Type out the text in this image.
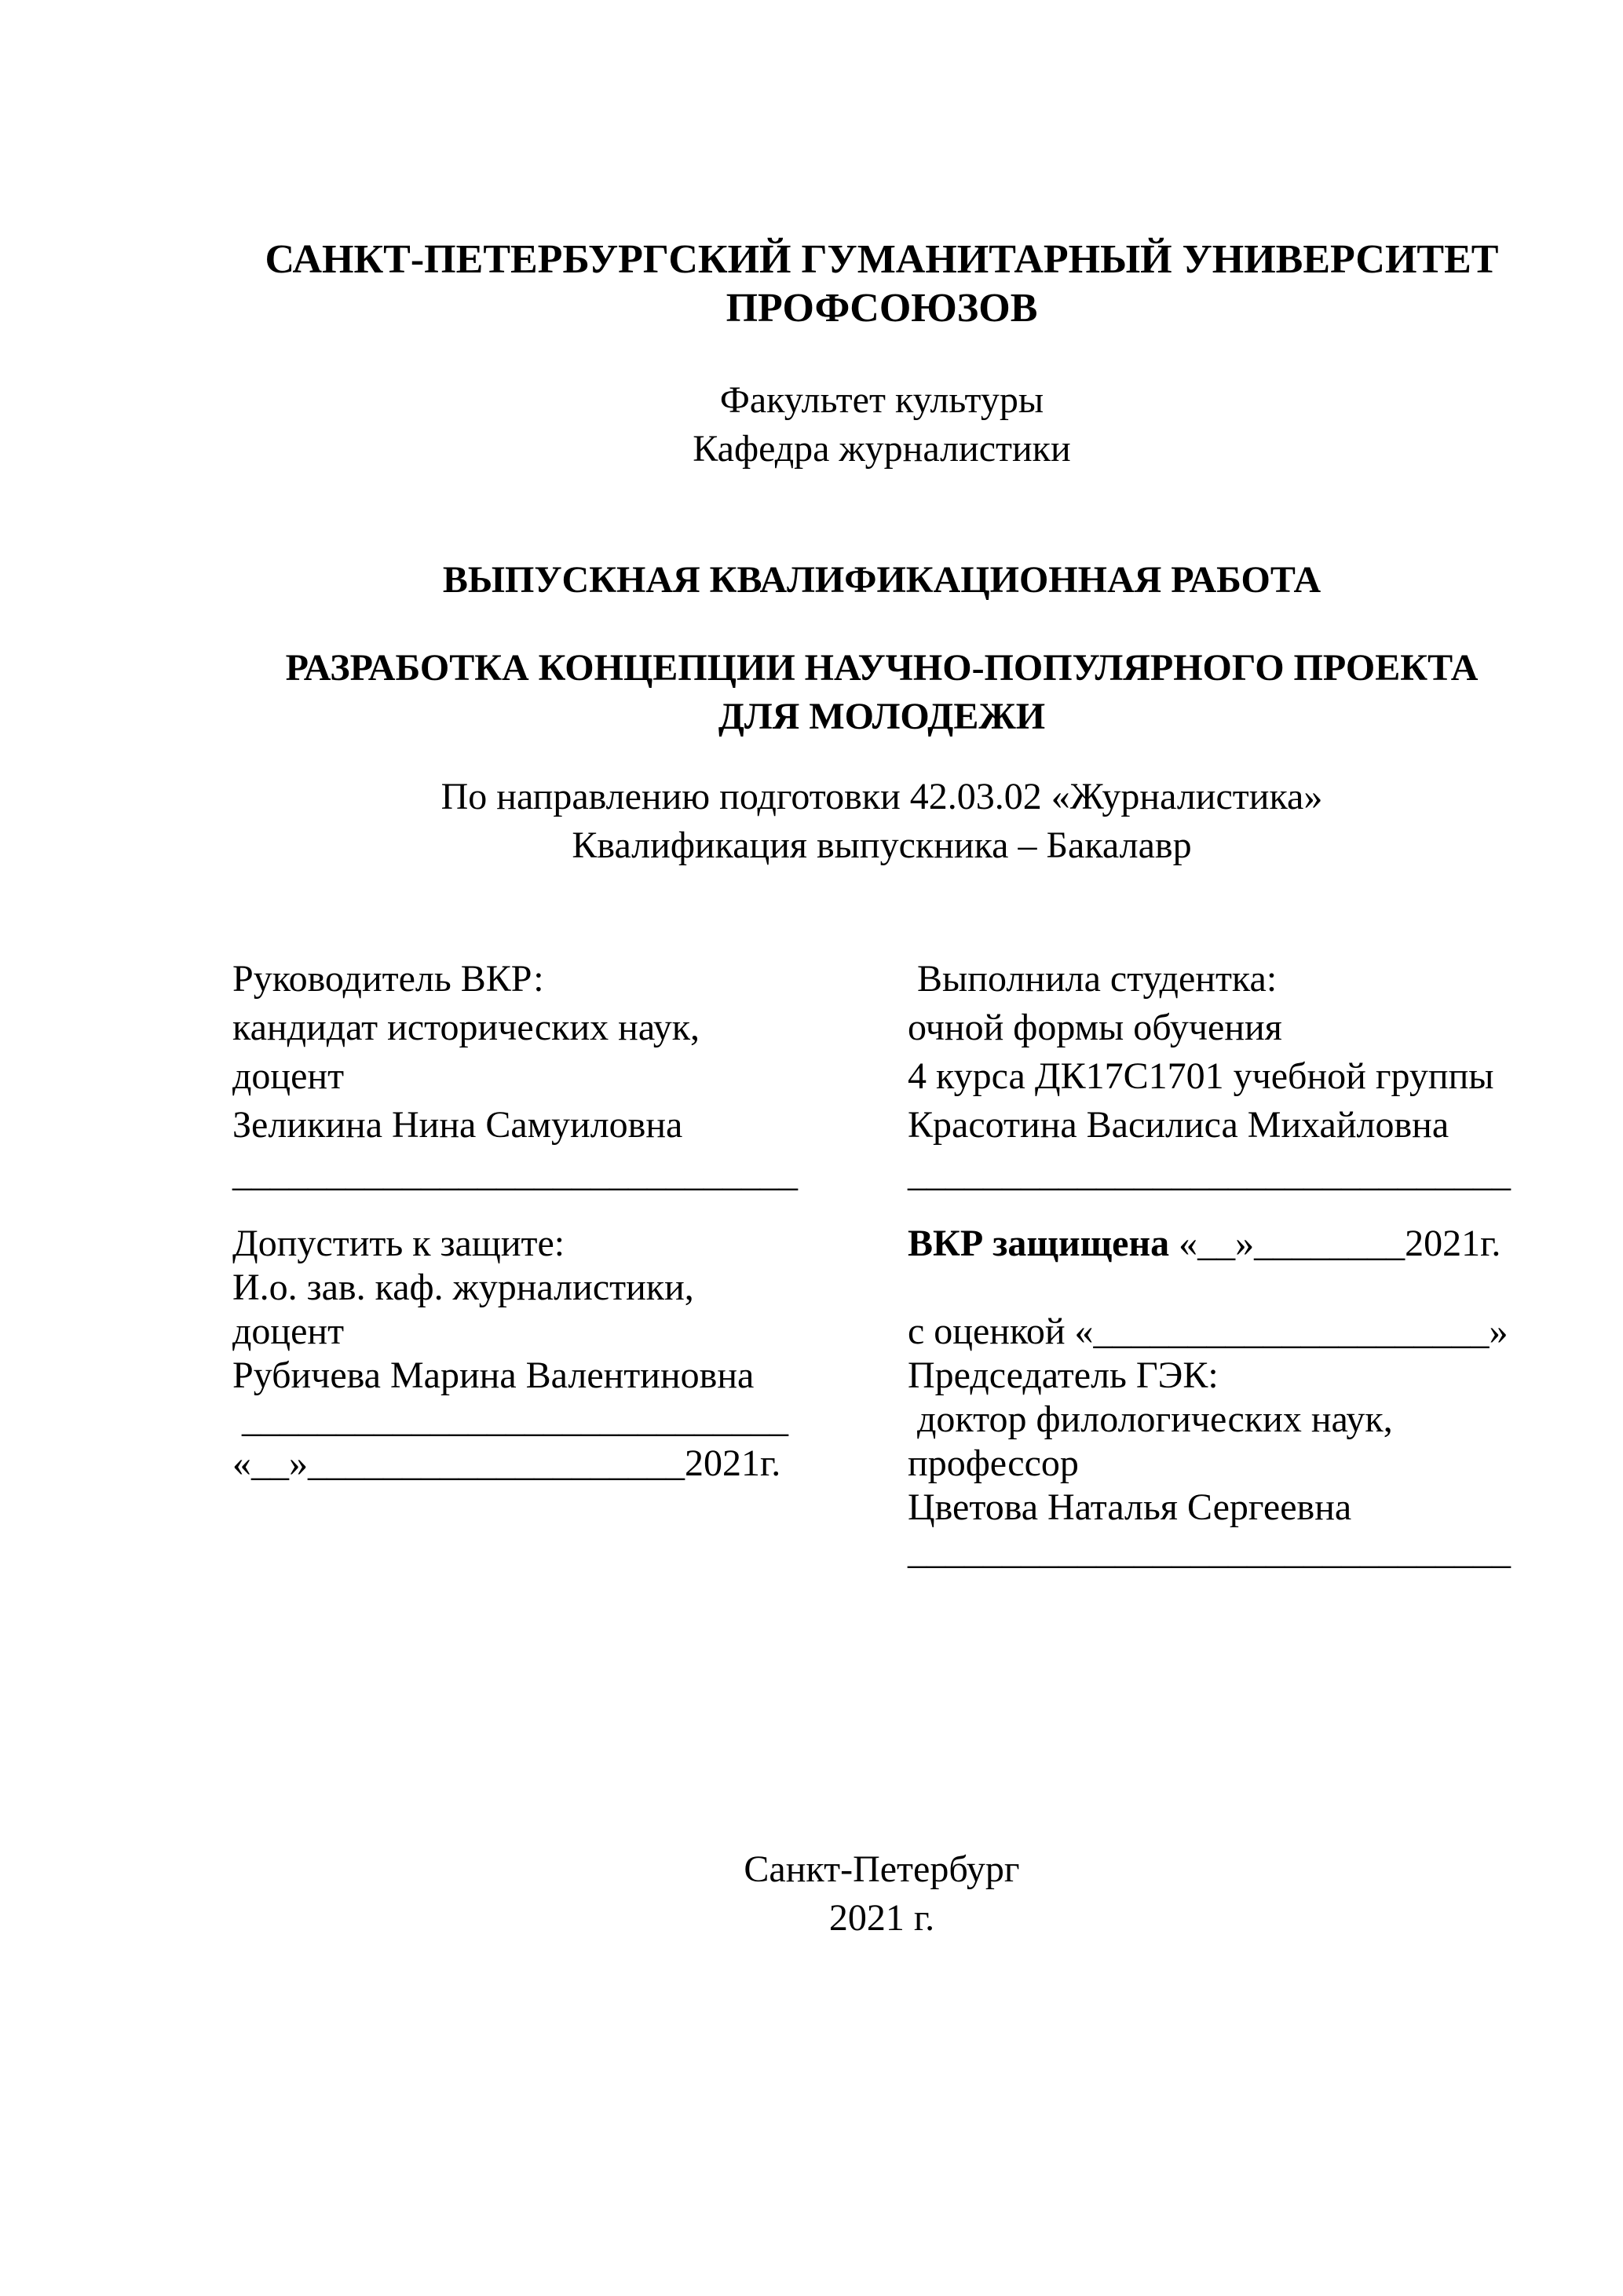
САНКТ-ПЕТЕРБУРГСКИЙ ГУМАНИТАРНЫЙ УНИВЕРСИТЕТ
ПРОФСОЮЗОВ
Факультет культуры
Кафедра журналистики
ВЫПУСКНАЯ КВАЛИФИКАЦИОННАЯ РАБОТА
РАЗРАБОТКА КОНЦЕПЦИИ НАУЧНО-ПОПУЛЯРНОГО ПРОЕКТА
ДЛЯ МОЛОДЕЖИ
По направлению подготовки 42.03.02 «Журналистика»
Квалификация выпускника – Бакалавр
Руководитель ВКР:
кандидат исторических наук,
доцент
Зеликина Нина Самуиловна
______________________________
Выполнила студентка:
очной формы обучения
4 курса ДК17С1701 учебной группы
Красотина Василиса Михайловна
________________________________
Допустить к защите:
И.о. зав. каф. журналистики,
доцент
Рубичева Марина Валентиновна
_____________________________
«__»____________________2021г.
ВКР защищена «__»________2021г.
с оценкой «_____________________»
Председатель ГЭК:
доктор филологических наук,
профессор
Цветова Наталья Сергеевна
________________________________
Санкт-Петербург
2021 г.
